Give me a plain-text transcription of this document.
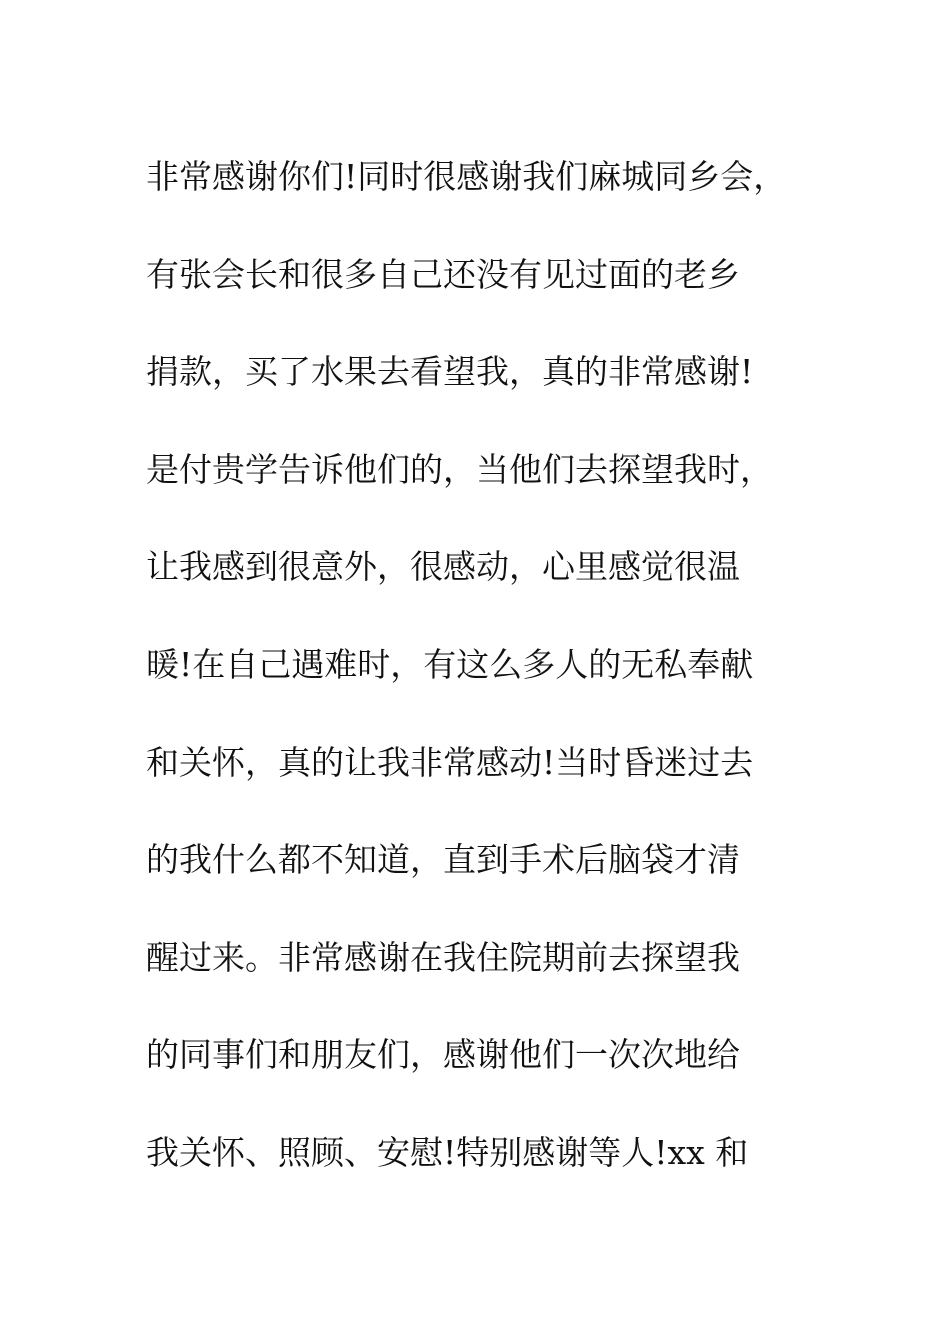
非常感谢你们!同时很感谢我们麻城同乡会，
有张会长和很多自己还没有见过面的老乡
捐款，买了水果去看望我，真的非常感谢!
是付贵学告诉他们的，当他们去探望我时，
让我感到很意外，很感动，心里感觉很温
暖!在自己遇难时，有这么多人的无私奉献
和关怀，真的让我非常感动!当时昏迷过去
的我什么都不知道，直到手术后脑袋才清
醒过来。非常感谢在我住院期前去探望我
的同事们和朋友们，感谢他们一次次地给
我关怀、照顾、安慰!特别感谢等人!xx 和
